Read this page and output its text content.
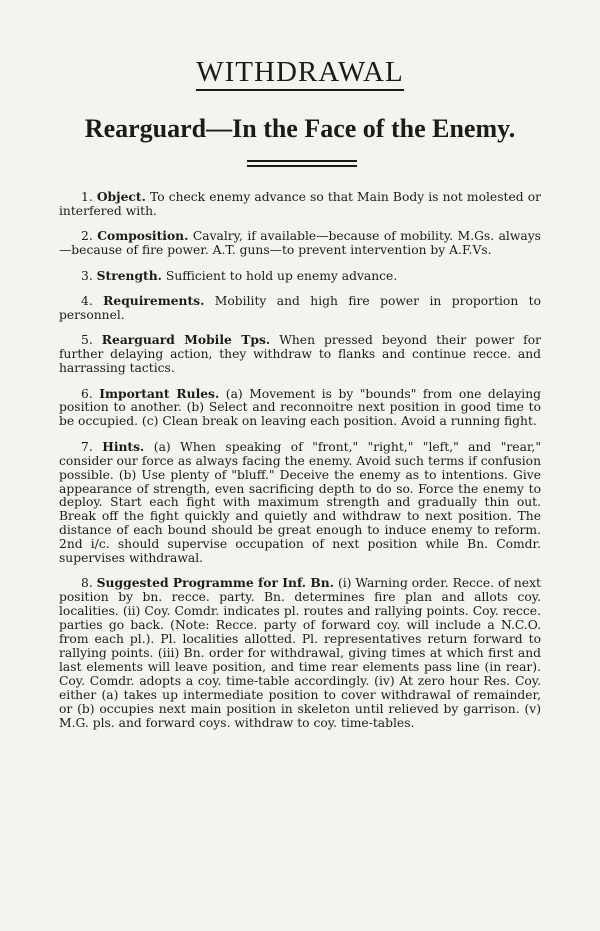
WITHDRAWAL
Rearguard—In the Face of the Enemy.
1. Object. To check enemy advance so that Main Body is not molested or interfered with.
2. Composition. Cavalry, if available—because of mobility. M.Gs. always—because of fire power. A.T. guns—to prevent intervention by A.F.Vs.
3. Strength. Sufficient to hold up enemy advance.
4. Requirements. Mobility and high fire power in proportion to personnel.
5. Rearguard Mobile Tps. When pressed beyond their power for further delaying action, they withdraw to flanks and continue recce. and harrassing tactics.
6. Important Rules. (a) Movement is by "bounds" from one delaying position to another. (b) Select and reconnoitre next position in good time to be occupied. (c) Clean break on leaving each position. Avoid a running fight.
7. Hints. (a) When speaking of "front," "right," "left," and "rear," consider our force as always facing the enemy. Avoid such terms if confusion possible. (b) Use plenty of "bluff." Deceive the enemy as to intentions. Give appearance of strength, even sacrificing depth to do so. Force the enemy to deploy. Start each fight with maximum strength and gradually thin out. Break off the fight quickly and quietly and withdraw to next position. The distance of each bound should be great enough to induce enemy to reform. 2nd i/c. should supervise occupation of next position while Bn. Comdr. supervises withdrawal.
8. Suggested Programme for Inf. Bn. (i) Warning order. Recce. of next position by bn. recce. party. Bn. determines fire plan and allots coy. localities. (ii) Coy. Comdr. indicates pl. routes and rallying points. Coy. recce. parties go back. (Note: Recce. party of forward coy. will include a N.C.O. from each pl.). Pl. localities allotted. Pl. representatives return forward to rallying points. (iii) Bn. order for withdrawal, giving times at which first and last elements will leave position, and time rear elements pass line (in rear). Coy. Comdr. adopts a coy. time-table accordingly. (iv) At zero hour Res. Coy. either (a) takes up intermediate position to cover withdrawal of remainder, or (b) occupies next main position in skeleton until relieved by garrison. (v) M.G. pls. and forward coys. withdraw to coy. time-tables.
